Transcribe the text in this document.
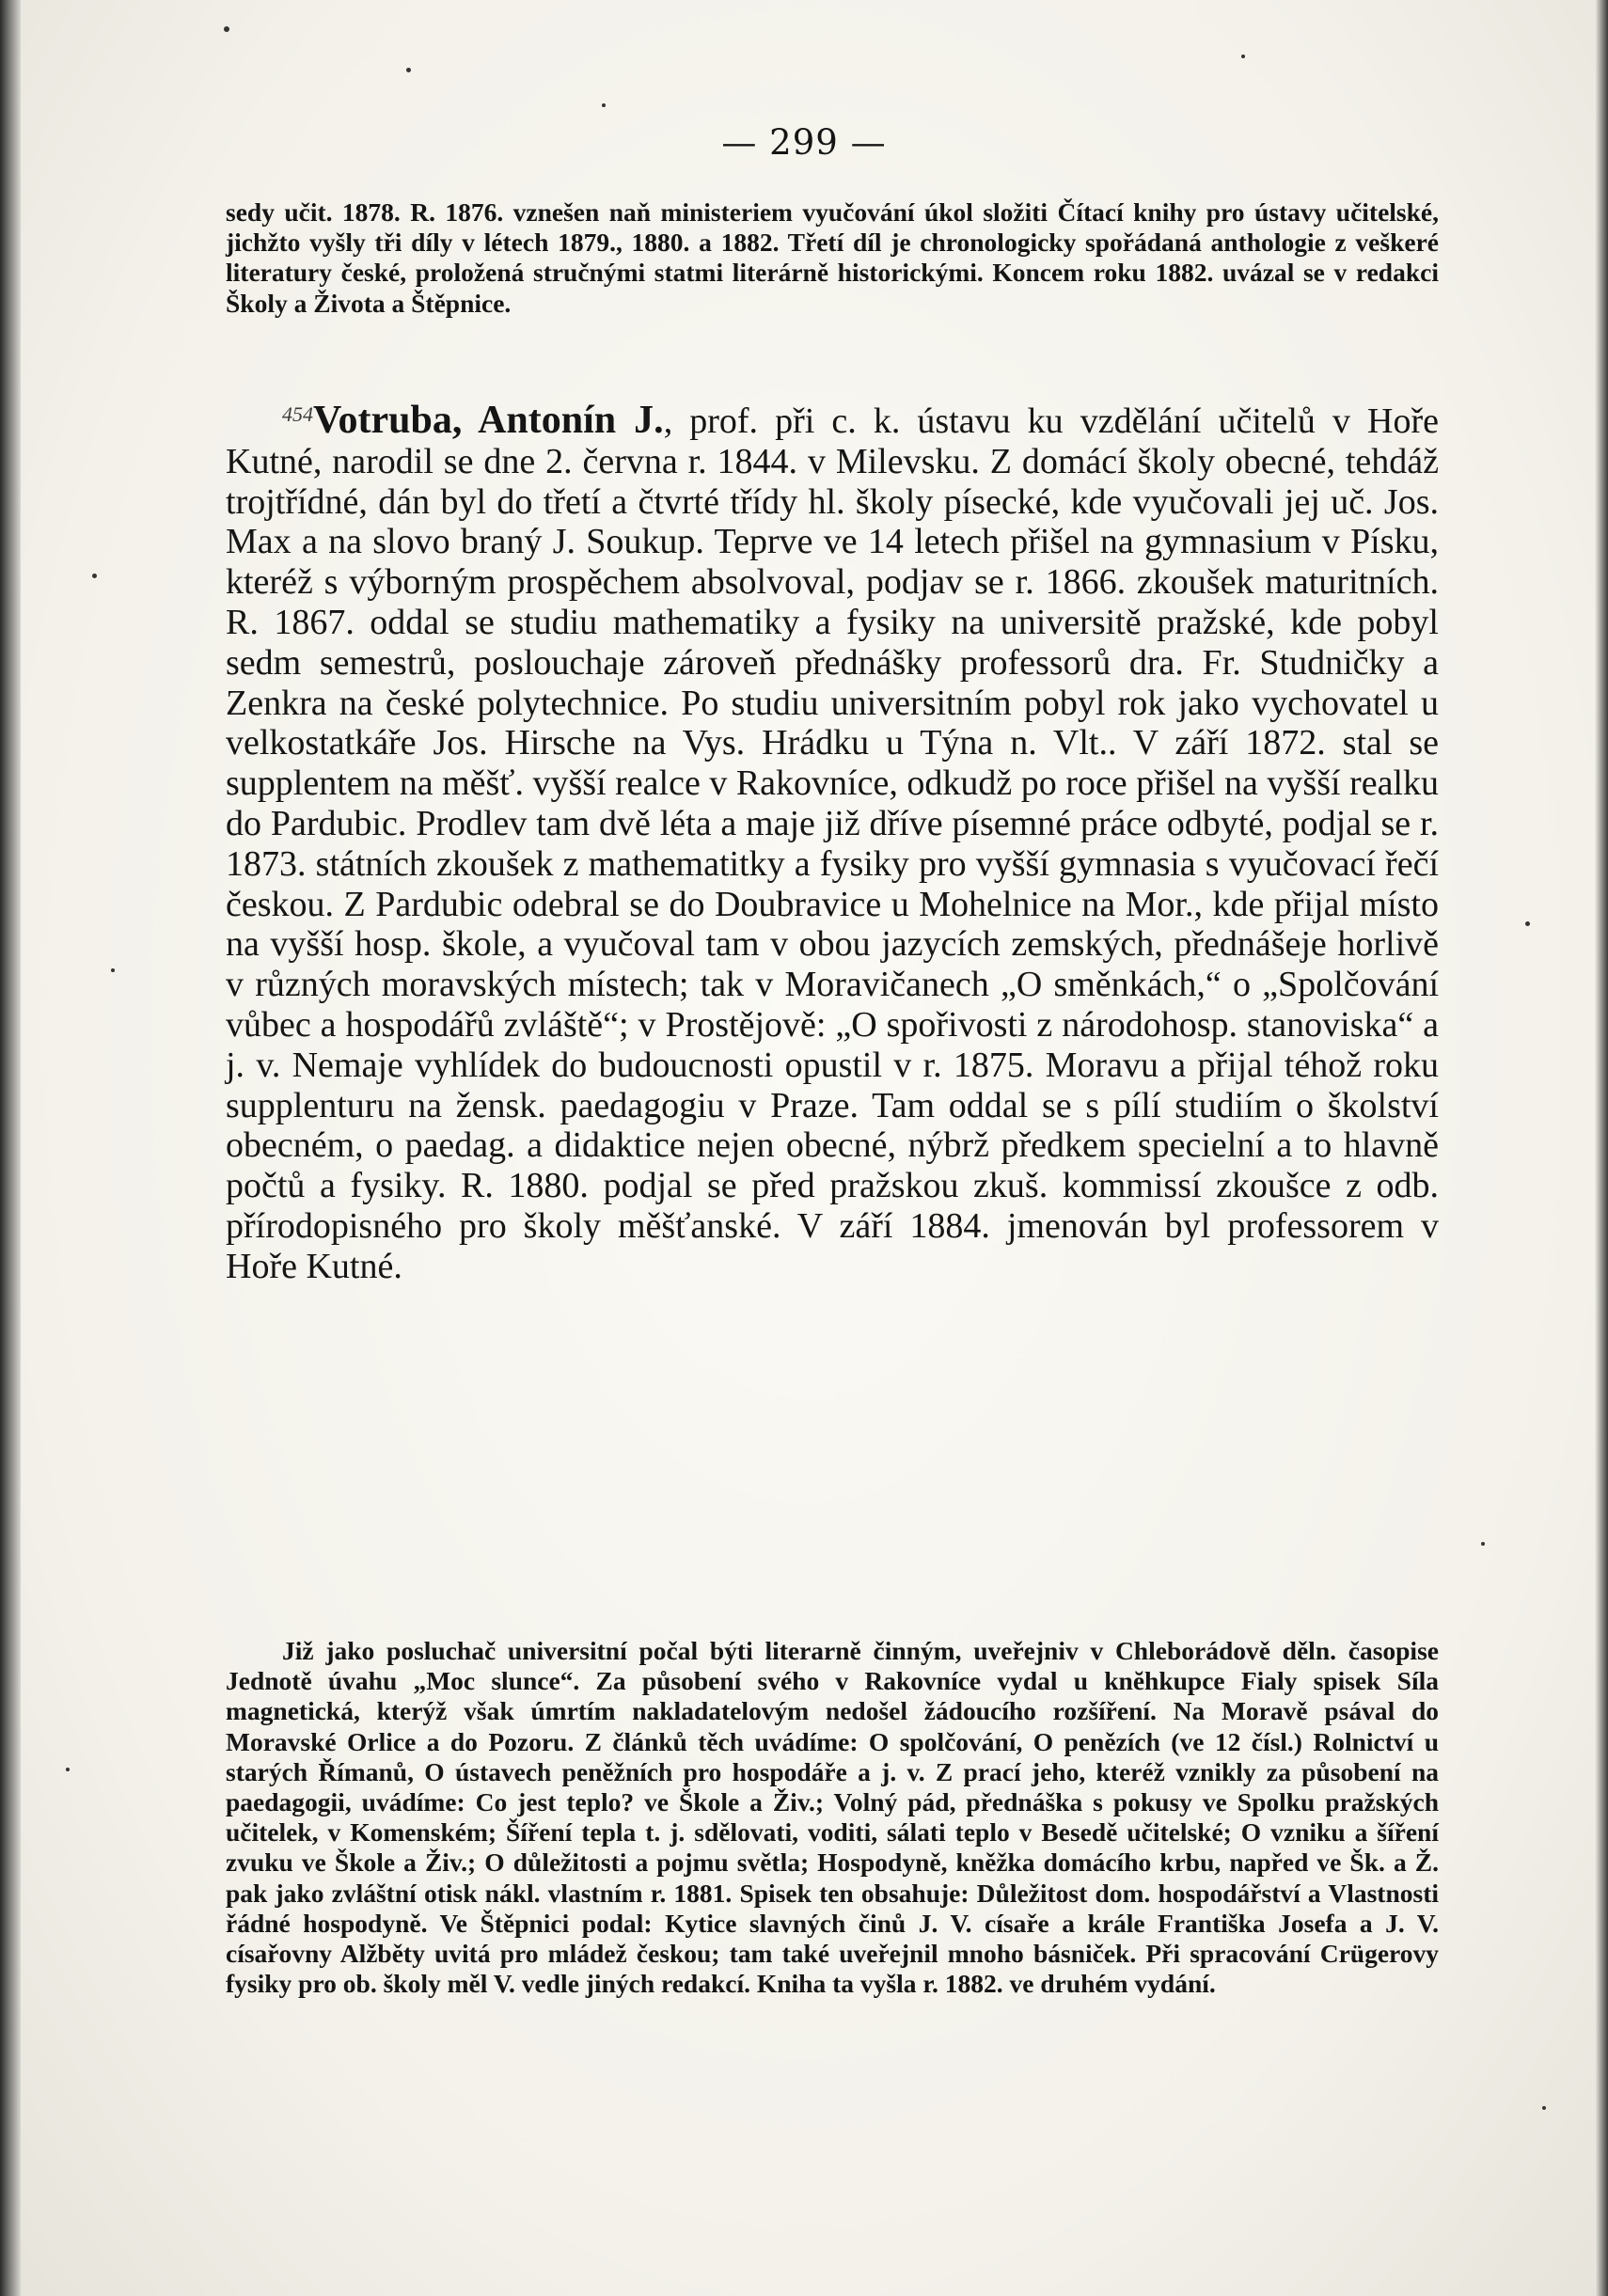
— 299 —

sedy učit. 1878. R. 1876. vznešen naň ministeriem vyučování úkol složiti Čítací knihy pro ústavy učitelské, jichžto vyšly tři díly v létech 1879., 1880. a 1882. Třetí díl je chronologicky spořádaná anthologie z veškeré literatury české, proložená stručnými statmi literárně historickými. Koncem roku 1882. uvázal se v redakci Školy a Života a Štěpnice.

$^{454}$Votruba, Antonín J., prof. při c. k. ústavu ku vzdělání učitelů v Hoře Kutné, narodil se dne 2. června r. 1844. v Milevsku. Z domácí školy obecné, tehdáž trojtřídné, dán byl do třetí a čtvrté třídy hl. školy písecké, kde vyučovali jej uč. Jos. Max a na slovo braný J. Soukup. Teprve ve 14 letech přišel na gymnasium v Písku, kteréž s výborným prospěchem absolvoval, podjav se r. 1866. zkoušek maturitních. R. 1867. oddal se studiu mathematiky a fysiky na universitě pražské, kde pobyl sedm semestrů, poslouchaje zároveň přednášky professorů dra. Fr. Studničky a Zenkra na české polytechnice. Po studiu universitním pobyl rok jako vychovatel u velkostatkáře Jos. Hirsche na Vys. Hrádku u Týna n. Vlt.. V září 1872. stal se supplentem na měšť. vyšší realce v Rakovníce, odkudž po roce přišel na vyšší realku do Pardubic. Prodlev tam dvě léta a maje již dříve písemné práce odbyté, podjal se r. 1873. státních zkoušek z mathematitky a fysiky pro vyšší gymnasia s vyučovací řečí českou. Z Pardubic odebral se do Doubravice u Mohelnice na Mor., kde přijal místo na vyšší hosp. škole, a vyučoval tam v obou jazycích zemských, přednášeje horlivě v různých moravských místech; tak v Moravičanech „O směnkách,“ o „Spolčování vůbec a hospodářů zvláště“; v Prostějově: „O spořivosti z národohosp. stanoviska“ a j. v. Nemaje vyhlídek do budoucnosti opustil v r. 1875. Moravu a přijal téhož roku supplenturu na žensk. paedagogiu v Praze. Tam oddal se s pílí studiím o školství obecném, o paedag. a didaktice nejen obecné, nýbrž předkem specielní a to hlavně počtů a fysiky. R. 1880. podjal se před pražskou zkuš. kommissí zkoušce z odb. přírodopisného pro školy měšťanské. V září 1884. jmenován byl professorem v Hoře Kutné.

Již jako posluchač universitní počal býti literarně činným, uveřejniv v Chleborádově děln. časopise Jednotě úvahu „Moc slunce“. Za působení svého v Rakovníce vydal u knĕhkupce Fialy spisek Síla magnetická, kterýž však úmrtím nakladatelovým nedošel žádoucího rozšíření. Na Moravě psával do Moravské Orlice a do Pozoru. Z článků těch uvádíme: O spolčování, O penězích (ve 12 čísl.) Rolnictví u starých Římanů, O ústavech peněžních pro hospodáře a j. v. Z prací jeho, kteréž vznikly za působení na paedagogii, uvádíme: Co jest teplo? ve Škole a Živ.; Volný pád, přednáška s pokusy ve Spolku pražských učitelek, v Komenském; Šíření tepla t. j. sdělovati, voditi, sálati teplo v Besedě učitelské; O vzniku a šíření zvuku ve Škole a Živ.; O důležitosti a pojmu světla; Hospodyně, kněžka domácího krbu, napřed ve Šk. a Ž. pak jako zvláštní otisk nákl. vlastním r. 1881. Spisek ten obsahuje: Důležitost dom. hospodářství a Vlastnosti řádné hospodyně. Ve Štěpnici podal: Kytice slavných činů J. V. císaře a krále Františka Josefa a J. V. císařovny Alžběty uvitá pro mládež českou; tam také uveřejnil mnoho básniček. Při spracování Crügerovy fysiky pro ob. školy měl V. vedle jiných redakcí. Kniha ta vyšla r. 1882. ve druhém vydání.
